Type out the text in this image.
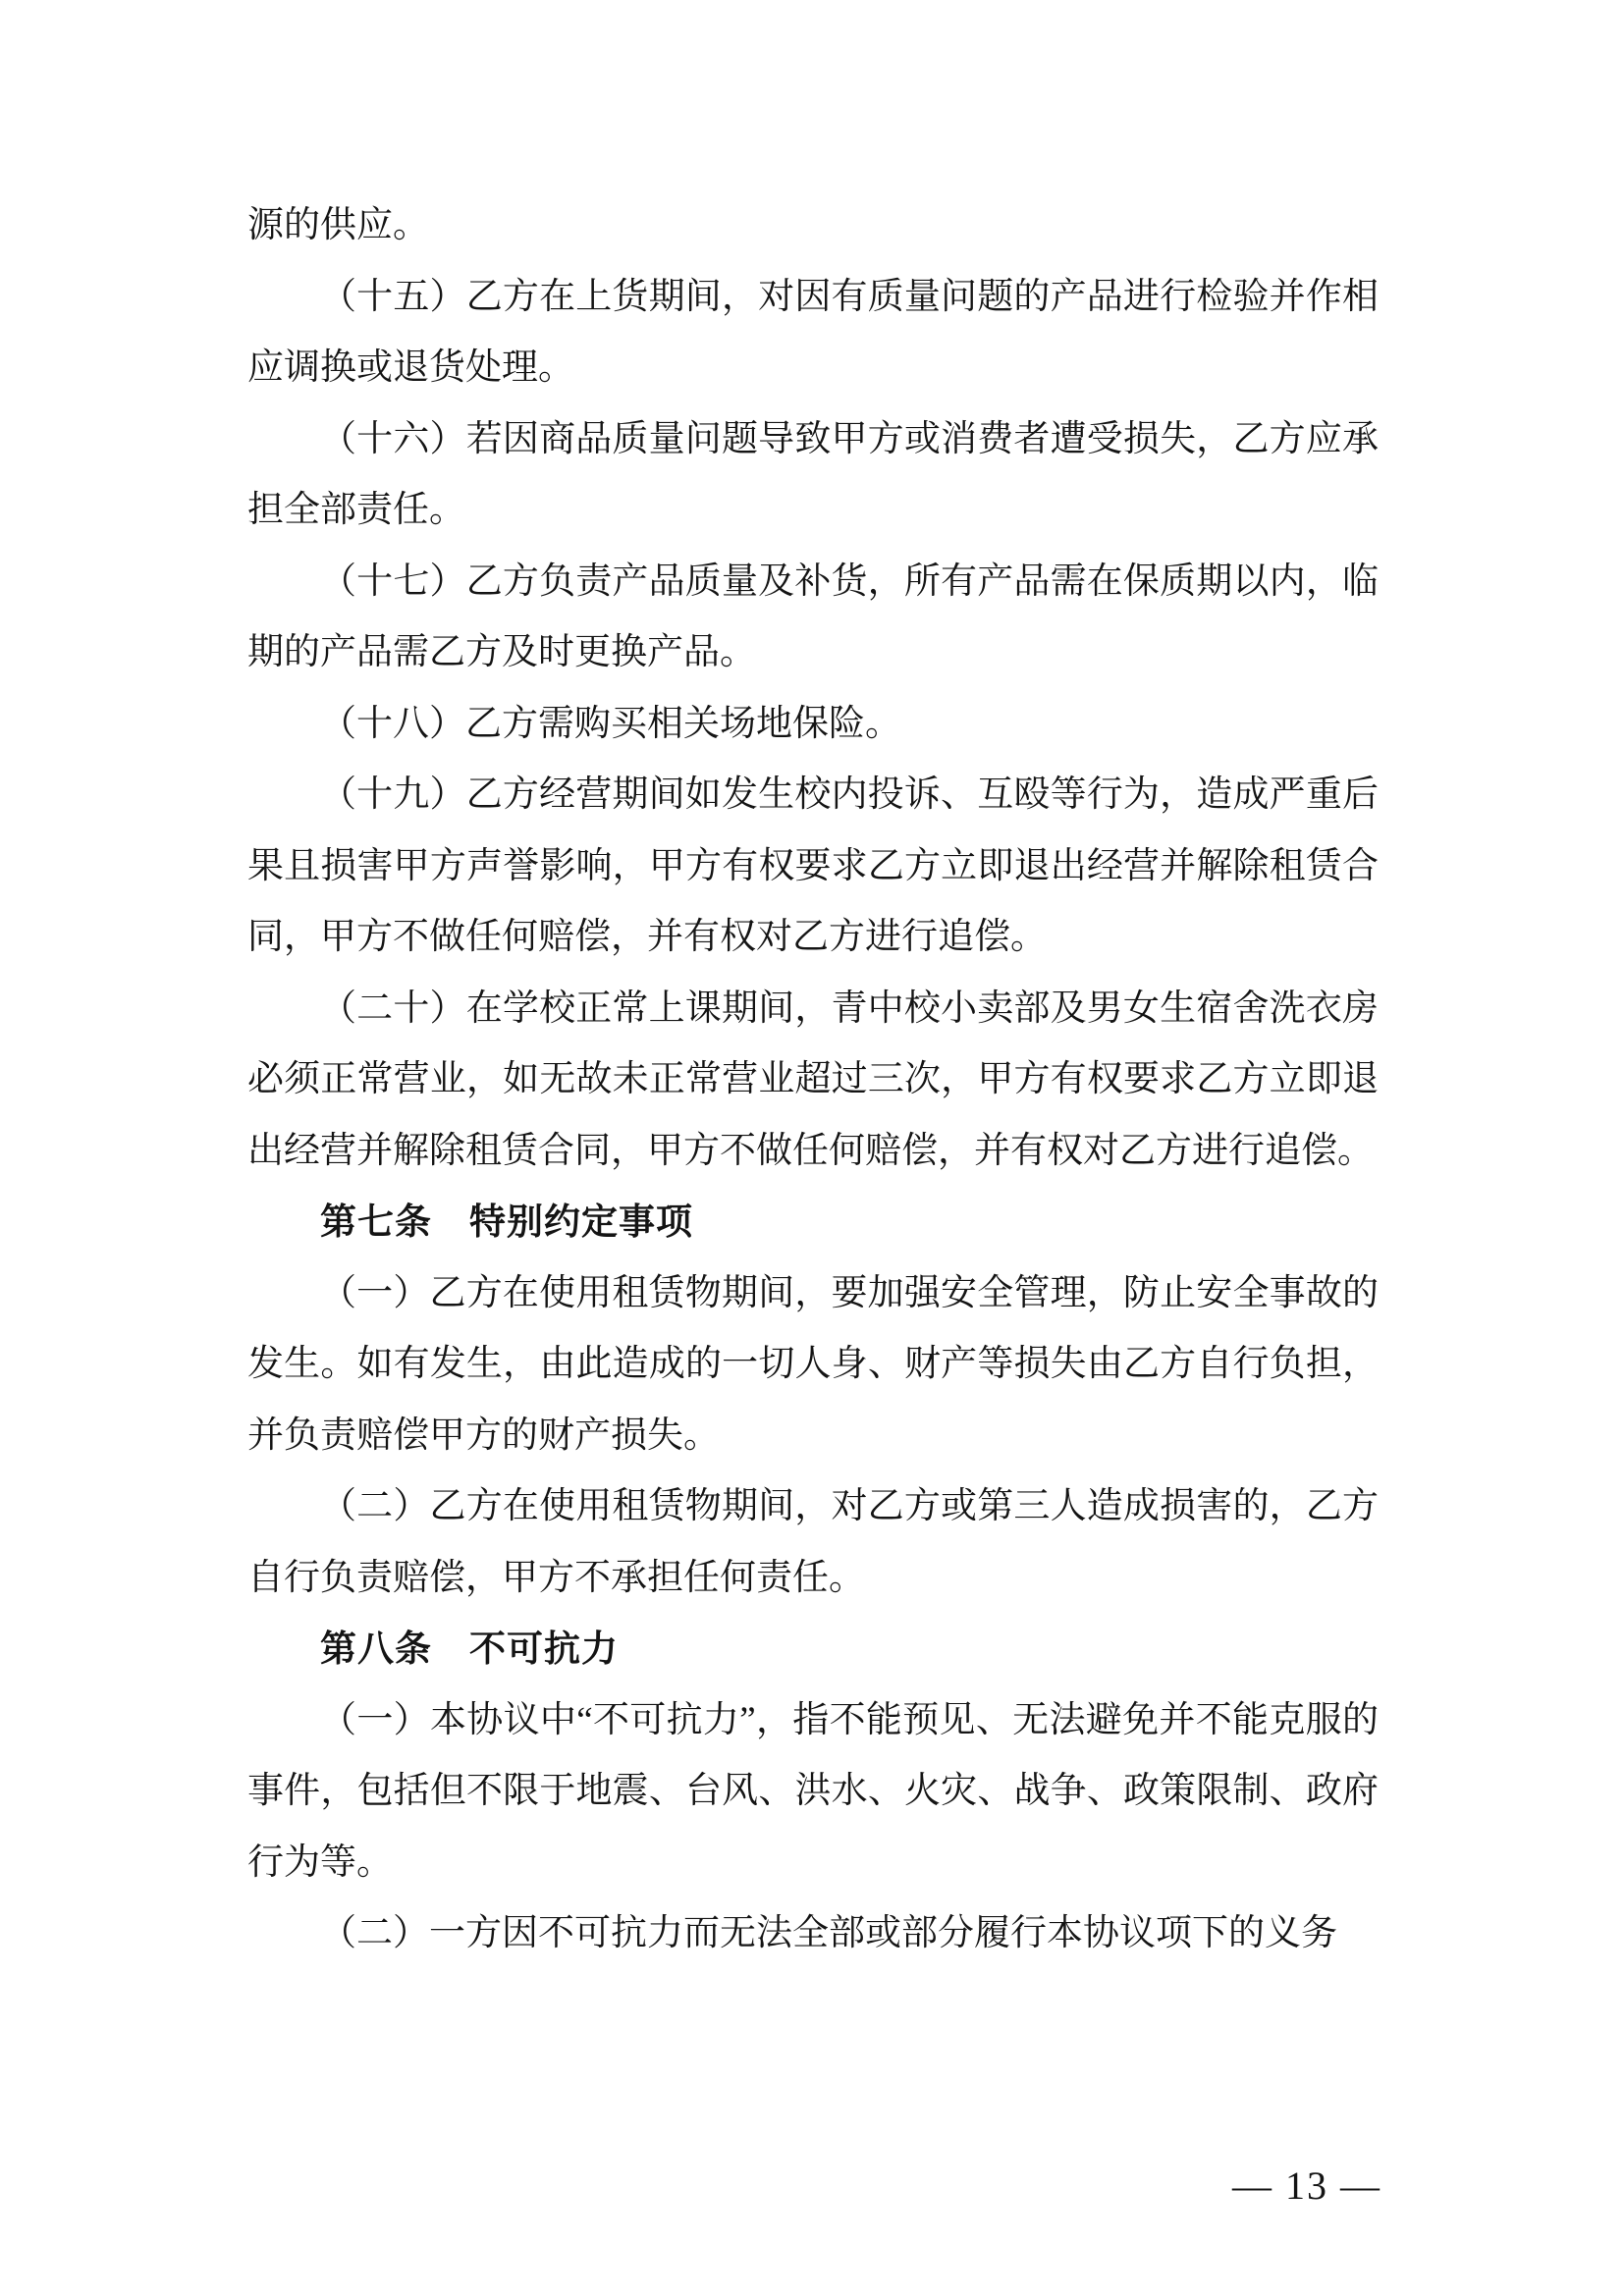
源的供应。

（十五）乙方在上货期间，对因有质量问题的产品进行检验并作相应调换或退货处理。

（十六）若因商品质量问题导致甲方或消费者遭受损失，乙方应承担全部责任。

（十七）乙方负责产品质量及补货，所有产品需在保质期以内，临期的产品需乙方及时更换产品。

（十八）乙方需购买相关场地保险。

（十九）乙方经营期间如发生校内投诉、互殴等行为，造成严重后果且损害甲方声誉影响，甲方有权要求乙方立即退出经营并解除租赁合同，甲方不做任何赔偿，并有权对乙方进行追偿。

（二十）在学校正常上课期间，青中校小卖部及男女生宿舍洗衣房必须正常营业，如无故未正常营业超过三次，甲方有权要求乙方立即退出经营并解除租赁合同，甲方不做任何赔偿，并有权对乙方进行追偿。

第七条　特别约定事项

（一）乙方在使用租赁物期间，要加强安全管理，防止安全事故的发生。如有发生，由此造成的一切人身、财产等损失由乙方自行负担，并负责赔偿甲方的财产损失。

（二）乙方在使用租赁物期间，对乙方或第三人造成损害的，乙方自行负责赔偿，甲方不承担任何责任。

第八条　不可抗力

（一）本协议中“不可抗力”，指不能预见、无法避免并不能克服的事件，包括但不限于地震、台风、洪水、火灾、战争、政策限制、政府行为等。

（二）一方因不可抗力而无法全部或部分履行本协议项下的义务

— 13 —
